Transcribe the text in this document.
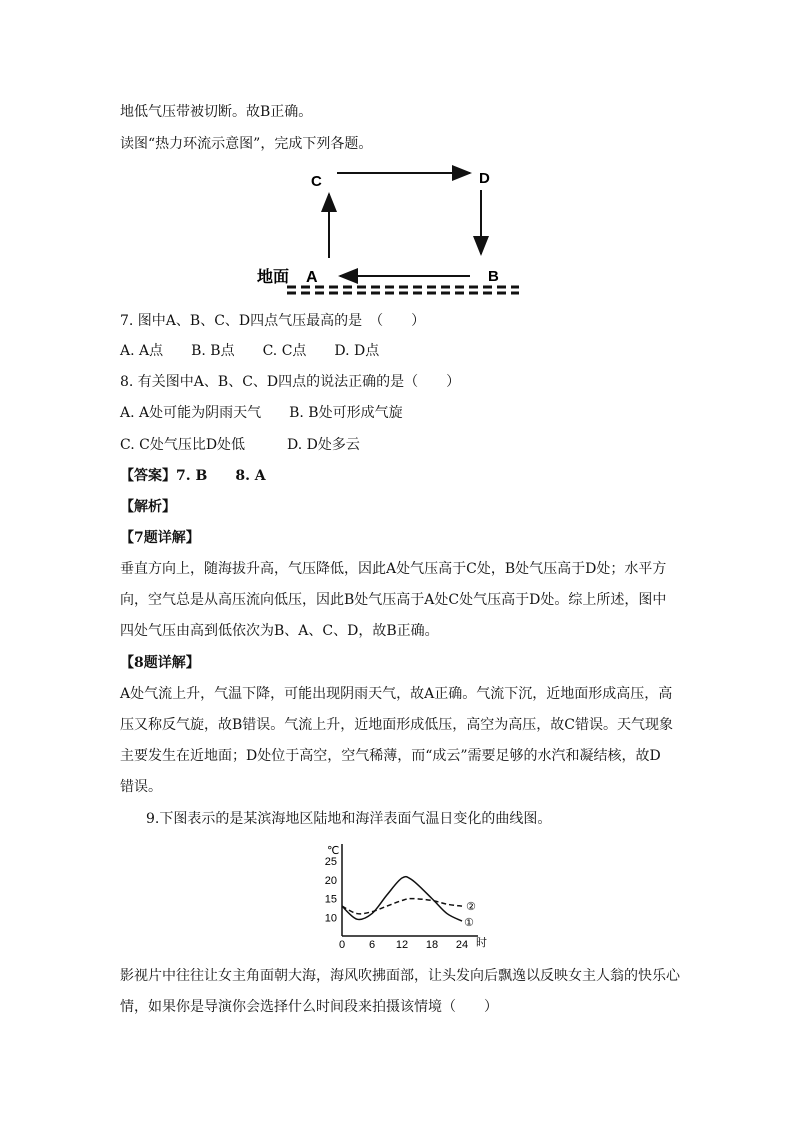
地低气压带被切断。故B正确。
读图“热力环流示意图”，完成下列各题。
C	D
地面 A	B
7. 图中A、B、C、D四点气压最高的是　（　　）
A. A点　　B. B点　　C. C点　　D. D点
8. 有关图中A、B、C、D四点的说法正确的是（　　）
A. A处可能为阴雨天气　　B. B处可形成气旋
C. C处气压比D处低　　　D. D处多云
【答案】7. B　　8. A
【解析】
【7题详解】
垂直方向上，随海拔升高，气压降低，因此A处气压高于C处，B处气压高于D处；水平方
向，空气总是从高压流向低压，因此B处气压高于A处C处气压高于D处。综上所述，图中
四处气压由高到低依次为B、A、C、D，故B正确。
【8题详解】
A处气流上升，气温下降，可能出现阴雨天气，故A正确。气流下沉，近地面形成高压，高
压又称反气旋，故B错误。气流上升，近地面形成低压，高空为高压，故C错误。天气现象
主要发生在近地面；D处位于高空，空气稀薄，而“成云”需要足够的水汽和凝结核，故D
错误。
9.下图表示的是某滨海地区陆地和海洋表面气温日变化的曲线图。
℃
时
25
20
15
10
0 6 12 18 24
①
②
影视片中往往让女主角面朝大海，海风吹拂面部，让头发向后飘逸以反映女主人翁的快乐心
情，如果你是导演你会选择什么时间段来拍摄该情境（　　）
